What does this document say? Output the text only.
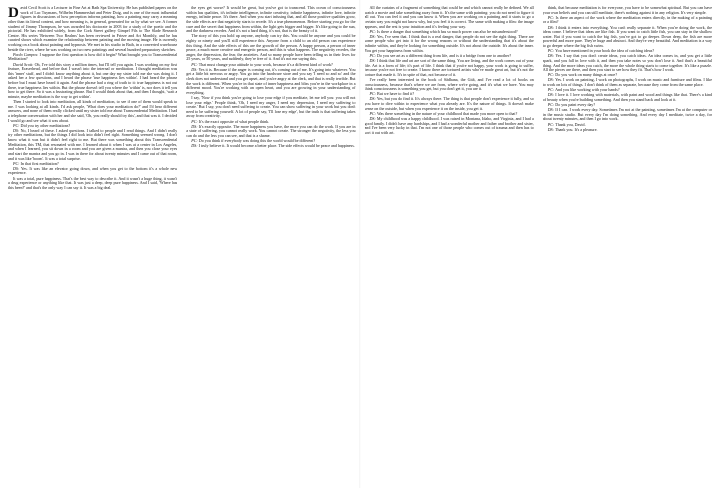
D avid Cecil Scott is a Lecturer in Fine Art at Bath Spa University. He has published papers on the work of Luc Tuymans, Wilhelm Hammershøi and Peter Doig, and is one of the most influential figures in discussions of how perception informs painting, how a painting may carry a meaning other than its literal content, and how meaning is, in general, generated for us by what we see. A former student of Jimmy Thompson, he was awarded his doctorate in 2003 for a study of the poetic and the pictorial. He has exhibited widely, from the Cork Street gallery Gimpel Fils to The Slade Research Centre. His series 'Between Two Realms' has been reviewed in Frieze and Art Monthly, and he has curated shows which examine the relationship between painting and the moving image. He is currently working on a book about painting and hypnosis. We met in his studio in Bath, in a converted warehouse beside the river, where he was working on two new paintings and several hundred preparatory sketches.

Paolo Campos: I suppose the first question is how did it begin? What brought you to Transcendental Meditation?

David Scott: Oh, I've told this story a million times, but I'll tell you again. I was working on my first feature, Eraserhead, and before that I wasn't into the internal or meditation. I thought meditation was this 'inner' stuff, and I didn't know anything about it, but one day my sister told me she was doing it. I asked her a few questions, and I heard the phrase 'true happiness lies within'. I had heard the phrase before but I must have heard it again. And the phrase had a ring of truth to it: true happiness is not out there, true happiness lies within. But the phrase doesn't tell you where the 'within' is, nor does it tell you how to get there. So it was a frustrating phrase. But I would think about that, and then I thought, 'wait a minute, maybe meditation is the way to get within'.

Then I started to look into meditation, all kinds of meditation, to see if one of them would speak to me. I was looking at all kinds. I'd ask people, 'What does your meditation do?' and I'd hear different answers, and none of them really clicked until my sister told me about Transcendental Meditation. I had a telephone conversation with her and she said, 'Oh, you really should try this', and that was it. I decided I would go and see what it was about.

PC: Did you try other meditations?

DS: No, I heard of these. I asked questions. I talked to people and I read things. And I didn't really try other meditations, but the things I did look into didn't feel right. Something seemed wrong. I don't know what it was but it didn't feel right to me. But there was something about this Transcendental Meditation, this TM, that resonated with me. I learned about it when I was at a center in Los Angeles, and when I learned, you sit down in a room and you are given a mantra, and then you close your eyes and start the mantra and you go in. I was in there for about twenty minutes and I came out of that room, and it was like 'boom'. It was a total surprise.

PC: In that first meditation?

DS: Yes. It was like an elevator going down, and when you get to the bottom it's a whole new experience.

It was a total, pure happiness. That's the best way to describe it. And it wasn't a huge thing, it wasn't a drug experience or anything like that. It was just a deep, deep pure happiness. And I said, 'Where has this been?' and that's the only way I can say it. It was a big deal.

the eyes get worse? It would be great, but you've got to transcend. This ocean of consciousness within has qualities, it's infinite intelligence, infinite creativity, infinite happiness, infinite love, infinite energy, infinite peace. It's there. And when you start infusing that, and all those positive qualities grow, the side effects are that negativity starts to recede. It's a true phenomenon. Before starting you go for the cure and the secret that happiness from within, the light gets bigger and bigger. It's like going to the sun, and the darkness recedes. And it's not a hard thing, it's not, that is the beauty of it.

The story of this you hold up anyone, anybody can try this. You could be anyone and you could be eighty or ninety and you'll still experience this. Anyone from a child to an old person can experience this thing. And the side effects of this are the growth of the person. A happy person, a person of inner peace, a much more creative and energetic person, and this is what happens. The negativity recedes, the anger, the depression, the fear, the anxieties. And so many people have been telling us in their lives for 25 years, or 50 years, and suddenly, they're free of it. And it's not me saying this.

PC: That must change your attitude to your work, because it's a different kind of work?

DS: Yes it is. Because if the anger is coming out, it's coming out of me. It's going into whatever. You get a little bit nervous or angry. You go into the hardware store and you say 'I need so and so' and the clerk does not understand and you get upset, and you're angry at the clerk, and that is really terrible. But the work is different. When you're in that state of inner happiness and bliss you're in the workplace in a different mood. You're working with an open heart, and you are growing in your understanding of everything.

I say, 'Now if you think you're going to lose your edge if you meditate, let me tell you: you will not lose your edge.' People think, 'Oh, I need my anger, I need my depression, I need my suffering to create.' But I say, you don't need suffering to create. You can show suffering in your work but you don't need to be suffering yourself. A lot of people say, 'I'll lose my edge', but the truth is that suffering takes away from creativity.

PC: It's the exact opposite of what people think.

DS: It's exactly opposite. The more happiness you have, the more you can do the work. If you are in a state of suffering, you cannot really work. You cannot create. The stronger the negativity, the less you can do and the less you can see, and that is a shame.

PC: Do you think if everybody was doing this the world would be different?

DS: I truly believe it. It would become a better place. The side effects would be peace and happiness.

All the curtains of a fragment of something that could be and which cannot really be defined. We all watch a movie and take something away from it. It's the same with painting: you do not need to figure it all out. You can feel it and you can know it. When you are working on a painting and it starts to go a certain way you might not know why, but you feel it is correct. The same with making a film: the image appears, and the rest is your intuition and it's feeling your way.

PC: Is there a danger that something which has so much power can also be misunderstood?

DS: Yes, I've seen that. I think that is a real danger, that people do not see the right thing. There are some people who get into it for the wrong reasons or without the understanding that it's about the infinite within, and they're looking for something outside. It's not about the outside. It's about the inner. You get your happiness from within.

PC: Do you see art as a different thing from life, and is it a bridge from one to another?

DS: I think that life and art are sort of the same thing. You are living, and the work comes out of your life. Art is a form of life; it's part of life. I think that if you're not happy, your work is going to suffer, because you're not free to create. I know there are tortured artists who've made great art, but it's not the torture that made it. It's in spite of that, not because of it.

I've really been interested in the book of Sâdhana, the Gitâ, and I've read a lot of books on consciousness, because that's where we are from, where we're going, and it's what we have. You may think consciousness is something you get, but you don't get it, you are it.

PC: But we have to find it?

DS: Yes, but you do find it. It's always there. The thing is that people don't experience it fully, and so you have to dive within to experience what you already are. It's the nature of things. It doesn't make sense on the outside, but when you experience it on the inside, you get it.

PC: Was there something in the nature of your childhood that made you more open to that?

DS: My childhood was a happy childhood. I was raised in Montana, Idaho, and Virginia, and I had a good family. I didn't have any hardships, and I had a wonderful mother and father and brother and sister, and I've been very lucky in that. I'm not one of those people who comes out of trauma and then has to sort it out with art.

think, that because meditation is for everyone, you have to be somewhat spiritual. But you can have your own beliefs and you can still meditate, there's nothing against it in any religion. It's very simple.

PC: Is there an aspect of the work where the meditation enters directly, in the making of a painting or a film?

DS: I think it enters into everything. You can't really separate it. When you're doing the work, the ideas come. I believe that ideas are like fish. If you want to catch little fish, you can stay in the shallow water. But if you want to catch the big fish, you've got to go deeper. Down deep, the fish are more powerful and more pure. They're huge and abstract. And they're very beautiful. And meditation is a way to go deeper where the big fish swim.

PC: You have mentioned in your book the idea of catching ideas?

DS: Yes. I say that you don't create ideas, you catch ideas. An idea comes in, and you get a little spark, and you fall in love with it, and then you take notes so you don't lose it. And that's a beautiful thing. And the more ideas you catch, the more the whole thing starts to come together. It's like a puzzle. All the pieces are there, and then you start to see how they fit. That's how I work.

PC: Do you work on many things at once?

DS: Yes. I work on painting, I work on photographs, I work on music and furniture and films. I like to work on lots of things. I don't think of them as separate, because they come from the same place.

PC: And you like working with your hands?

DS: I love it. I love working with materials, with paint and wood and things like that. There's a kind of beauty when you're building something. And then you stand back and look at it.

PC: Do you paint every day?

DS: If I can. I work every day. Sometimes I'm not at the painting, sometimes I'm at the computer or in the music studio. But every day I'm doing something. And every day I meditate, twice a day, for about twenty minutes, and then I go into work.

PC: Thank you, David.

DS: Thank you. It's a pleasure.
